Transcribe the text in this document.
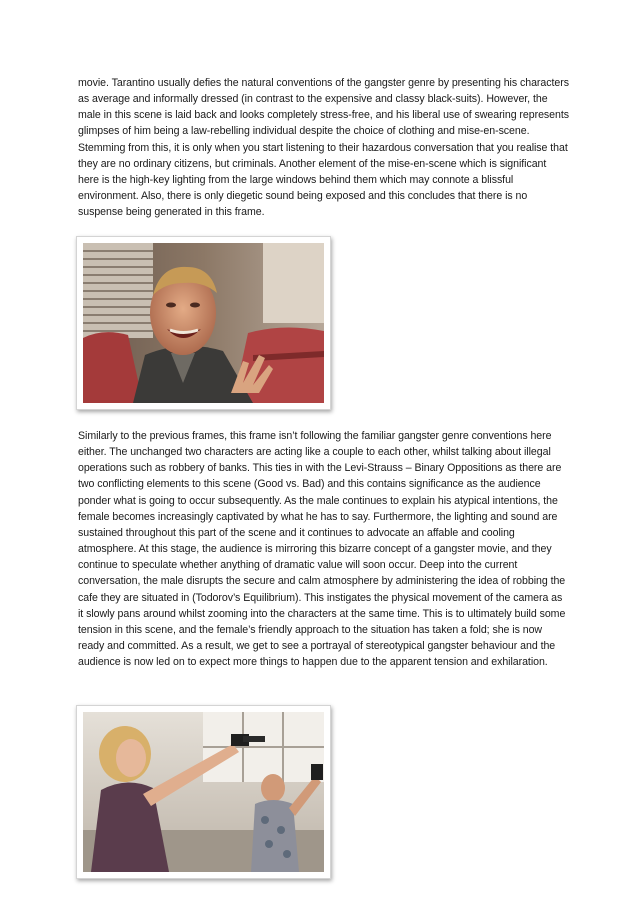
movie. Tarantino usually defies the natural conventions of the gangster genre by presenting his characters as average and informally dressed (in contrast to the expensive and classy black-suits). However, the male in this scene is laid back and looks completely stress-free, and his liberal use of swearing represents glimpses of him being a law-rebelling individual despite the choice of clothing and mise-en-scene. Stemming from this, it is only when you start listening to their hazardous conversation that you realise that they are no ordinary citizens, but criminals. Another element of the mise-en-scene which is significant here is the high-key lighting from the large windows behind them which may connote a blissful environment. Also, there is only diegetic sound being exposed and this concludes that there is no suspense being generated in this frame.

Similarly to the previous frames, this frame isn’t following the familiar gangster genre conventions here either. The unchanged two characters are acting like a couple to each other, whilst talking about illegal operations such as robbery of banks. This ties in with the Levi-Strauss – Binary Oppositions as there are two conflicting elements to this scene (Good vs. Bad) and this contains significance as the audience ponder what is going to occur subsequently. As the male continues to explain his atypical intentions, the female becomes increasingly captivated by what he has to say. Furthermore, the lighting and sound are sustained throughout this part of the scene and it continues to advocate an affable and cooling atmosphere. At this stage, the audience is mirroring this bizarre concept of a gangster movie, and they continue to speculate whether anything of dramatic value will soon occur. Deep into the current conversation, the male disrupts the secure and calm atmosphere by administering the idea of robbing the cafe they are situated in (Todorov’s Equilibrium). This instigates the physical movement of the camera as it slowly pans around whilst zooming into the characters at the same time. This is to ultimately build some tension in this scene, and the female’s friendly approach to the situation has taken a fold; she is now ready and committed. As a result, we get to see a portrayal of stereotypical gangster behaviour and the audience is now led on to expect more things to happen due to the apparent tension and exhilaration.
